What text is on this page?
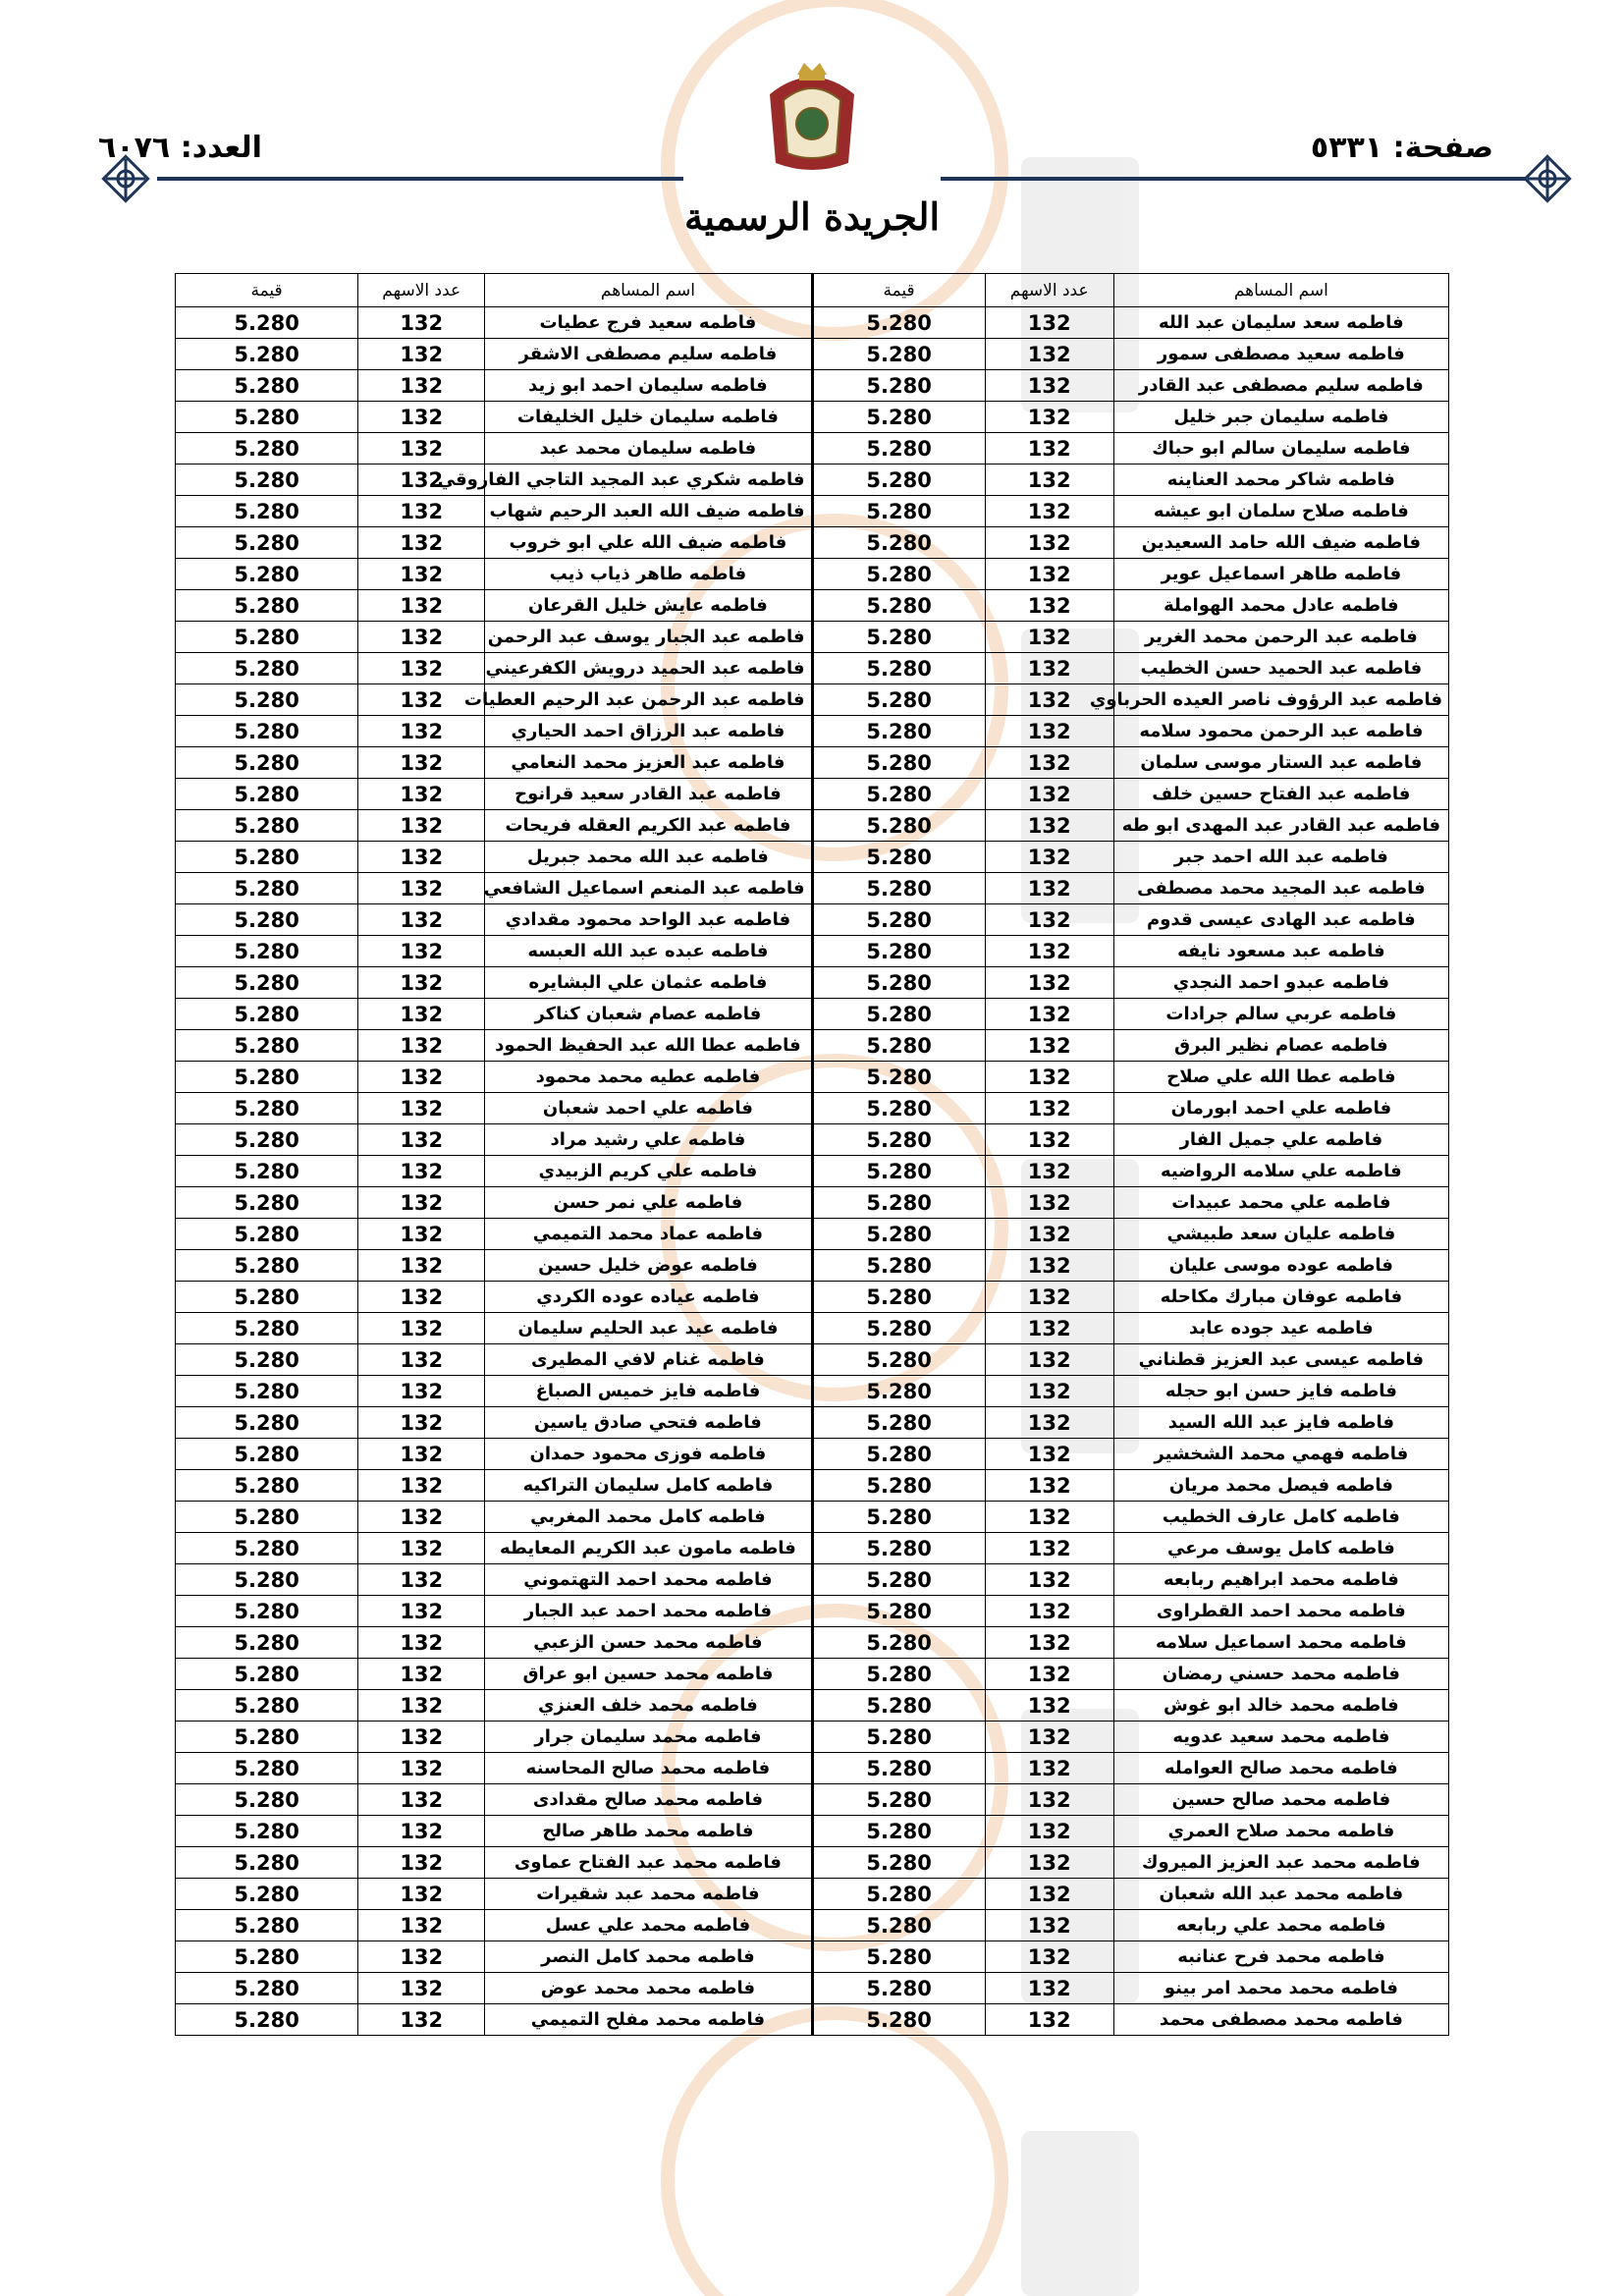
صفحة: ٥٣٣١
العدد: ٦٠٧٦
الجريدة الرسمية
اسم المساهم	عدد الاسهم	قيمة	اسم المساهم	عدد الاسهم	قيمة
فاطمه سعد سليمان عبد الله	132	5.280	فاطمه سعيد فرج عطيات	132	5.280
فاطمه سعيد مصطفى سمور	132	5.280	فاطمه سليم مصطفى الاشقر	132	5.280
فاطمه سليم مصطفى عبد القادر	132	5.280	فاطمه سليمان احمد ابو زيد	132	5.280
فاطمه سليمان جبر خليل	132	5.280	فاطمه سليمان خليل الخليفات	132	5.280
فاطمه سليمان سالم ابو حباك	132	5.280	فاطمه سليمان محمد عبد	132	5.280
فاطمه شاكر محمد العناينه	132	5.280	فاطمه شكري عبد المجيد التاجي الفاروقي	132	5.280
فاطمه صلاح سلمان ابو عيشه	132	5.280	فاطمه ضيف الله العبد الرحيم شهاب	132	5.280
فاطمه ضيف الله حامد السعيدين	132	5.280	فاطمه ضيف الله علي ابو خروب	132	5.280
فاطمه طاهر اسماعيل عوير	132	5.280	فاطمه طاهر ذياب ذيب	132	5.280
فاطمه عادل محمد الهواملة	132	5.280	فاطمه عايش خليل القرعان	132	5.280
فاطمه عبد الرحمن محمد الغرير	132	5.280	فاطمه عبد الجبار يوسف عبد الرحمن	132	5.280
فاطمه عبد الحميد حسن الخطيب	132	5.280	فاطمه عبد الحميد درويش الكفرعيني	132	5.280
فاطمه عبد الرؤوف ناصر العيده الحرباوي	132	5.280	فاطمه عبد الرحمن عبد الرحيم العطيات	132	5.280
فاطمه عبد الرحمن محمود سلامه	132	5.280	فاطمه عبد الرزاق احمد الحياري	132	5.280
فاطمه عبد الستار موسى سلمان	132	5.280	فاطمه عبد العزيز محمد النعامي	132	5.280
فاطمه عبد الفتاح حسين خلف	132	5.280	فاطمه عبد القادر سعيد قرانوح	132	5.280
فاطمه عبد القادر عبد المهدى ابو طه	132	5.280	فاطمه عبد الكريم العقله فريحات	132	5.280
فاطمه عبد الله احمد جبر	132	5.280	فاطمه عبد الله محمد جبريل	132	5.280
فاطمه عبد المجيد محمد مصطفى	132	5.280	فاطمه عبد المنعم اسماعيل الشافعي	132	5.280
فاطمه عبد الهادى عيسى قدوم	132	5.280	فاطمه عبد الواحد محمود مقدادي	132	5.280
فاطمه عبد مسعود نايفه	132	5.280	فاطمه عبده عبد الله العبسه	132	5.280
فاطمه عبدو احمد النجدي	132	5.280	فاطمه عثمان علي البشايره	132	5.280
فاطمه عربي سالم جرادات	132	5.280	فاطمه عصام شعبان كناكر	132	5.280
فاطمه عصام نظير البرق	132	5.280	فاطمه عطا الله عبد الحفيظ الحمود	132	5.280
فاطمه عطا الله علي صلاح	132	5.280	فاطمه عطيه محمد محمود	132	5.280
فاطمه علي احمد ابورمان	132	5.280	فاطمه علي احمد شعبان	132	5.280
فاطمه علي جميل الفار	132	5.280	فاطمه علي رشيد مراد	132	5.280
فاطمه علي سلامه الرواضيه	132	5.280	فاطمه علي كريم الزبيدي	132	5.280
فاطمه علي محمد عبيدات	132	5.280	فاطمه علي نمر حسن	132	5.280
فاطمه عليان سعد طبيشي	132	5.280	فاطمه عماد محمد التميمي	132	5.280
فاطمه عوده موسى عليان	132	5.280	فاطمه عوض خليل حسين	132	5.280
فاطمه عوفان مبارك مكاحله	132	5.280	فاطمه عياده عوده الكردي	132	5.280
فاطمه عيد جوده عابد	132	5.280	فاطمه عيد عبد الحليم سليمان	132	5.280
فاطمه عيسى عبد العزيز قطناني	132	5.280	فاطمه غنام لافي المطيرى	132	5.280
فاطمه فايز حسن ابو حجله	132	5.280	فاطمه فايز خميس الصباغ	132	5.280
فاطمه فايز عبد الله السيد	132	5.280	فاطمه فتحي صادق ياسين	132	5.280
فاطمه فهمي محمد الشخشير	132	5.280	فاطمه فوزى محمود حمدان	132	5.280
فاطمه فيصل محمد مريان	132	5.280	فاطمه كامل سليمان التراكيه	132	5.280
فاطمه كامل عارف الخطيب	132	5.280	فاطمه كامل محمد المغربي	132	5.280
فاطمه كامل يوسف مرعي	132	5.280	فاطمه مامون عبد الكريم المعايطه	132	5.280
فاطمه محمد ابراهيم ربابعه	132	5.280	فاطمه محمد احمد التهتموني	132	5.280
فاطمه محمد احمد القطراوى	132	5.280	فاطمه محمد احمد عبد الجبار	132	5.280
فاطمه محمد اسماعيل سلامه	132	5.280	فاطمه محمد حسن الزعبي	132	5.280
فاطمه محمد حسني رمضان	132	5.280	فاطمه محمد حسين ابو عراق	132	5.280
فاطمه محمد خالد ابو غوش	132	5.280	فاطمه محمد خلف العنزي	132	5.280
فاطمه محمد سعيد عدويه	132	5.280	فاطمه محمد سليمان جرار	132	5.280
فاطمه محمد صالح العوامله	132	5.280	فاطمه محمد صالح المحاسنه	132	5.280
فاطمه محمد صالح حسين	132	5.280	فاطمه محمد صالح مقدادى	132	5.280
فاطمه محمد صلاح العمري	132	5.280	فاطمه محمد طاهر صالح	132	5.280
فاطمه محمد عبد العزيز الميروك	132	5.280	فاطمه محمد عبد الفتاح عماوى	132	5.280
فاطمه محمد عبد الله شعبان	132	5.280	فاطمه محمد عبد شقيرات	132	5.280
فاطمه محمد علي ربابعه	132	5.280	فاطمه محمد علي عسل	132	5.280
فاطمه محمد فرح عنانبه	132	5.280	فاطمه محمد كامل النصر	132	5.280
فاطمه محمد محمد امر بينو	132	5.280	فاطمه محمد محمد عوض	132	5.280
فاطمه محمد مصطفى محمد	132	5.280	فاطمه محمد مفلح التميمي	132	5.280
